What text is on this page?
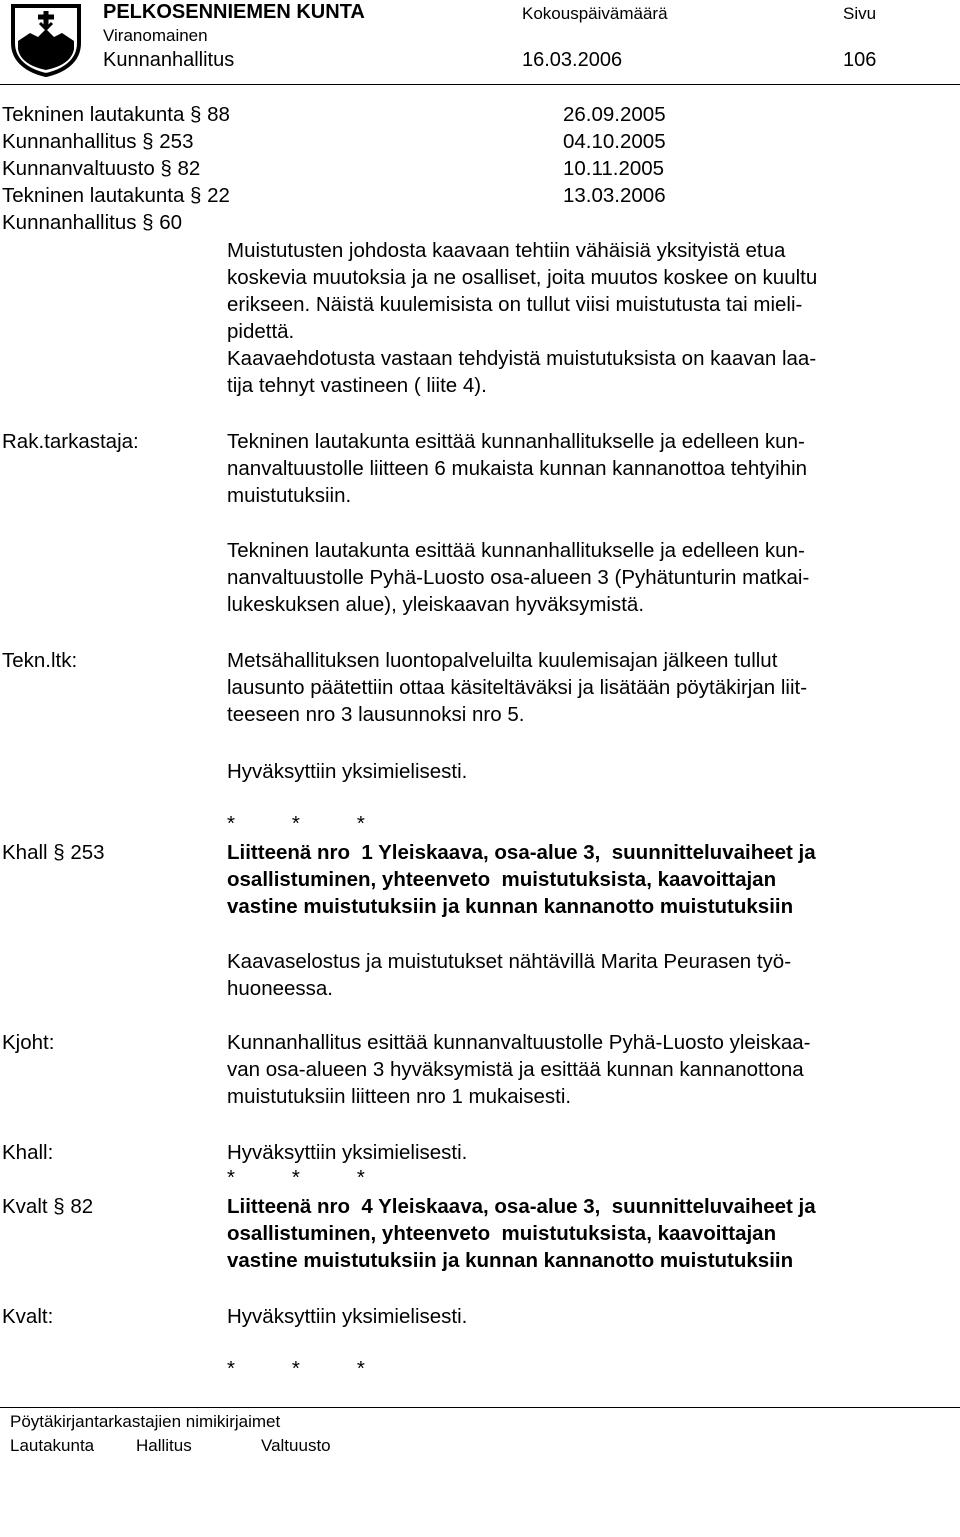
PELKOSENNIEMEN KUNTA	Kokouspäivämäärä	Sivu
Viranomainen
Kunnanhallitus	16.03.2006	106
Tekninen lautakunta § 88	26.09.2005
Kunnanhallitus § 253	04.10.2005
Kunnanvaltuusto § 82	10.11.2005
Tekninen lautakunta § 22	13.03.2006
Kunnanhallitus § 60
Muistutusten johdosta kaavaan tehtiin vähäisiä yksityistä etua
koskevia muutoksia ja ne osalliset, joita muutos koskee on kuultu
erikseen. Näistä kuulemisista on tullut viisi muistutusta tai mieli-
pidettä.
Kaavaehdotusta vastaan tehdyistä muistutuksista on kaavan laa-
tija tehnyt vastineen ( liite 4).
Rak.tarkastaja:	Tekninen lautakunta esittää kunnanhallitukselle ja edelleen kun-
nanvaltuustolle liitteen 6 mukaista kunnan kannanottoa tehtyihin
muistutuksiin.
Tekninen lautakunta esittää kunnanhallitukselle ja edelleen kun-
nanvaltuustolle Pyhä-Luosto osa-alueen 3 (Pyhätunturin matkai-
lukeskuksen alue), yleiskaavan hyväksymistä.
Tekn.ltk:	Metsähallituksen luontopalveluilta kuulemisajan jälkeen tullut
lausunto päätettiin ottaa käsiteltäväksi ja lisätään pöytäkirjan liit-
teeseen nro 3 lausunnoksi nro 5.
Hyväksyttiin yksimielisesti.
*          *          *
Khall § 253	Liitteenä nro  1 Yleiskaava, osa-alue 3,  suunnitteluvaiheet ja
osallistuminen, yhteenveto  muistutuksista, kaavoittajan
vastine muistutuksiin ja kunnan kannanotto muistutuksiin
Kaavaselostus ja muistutukset nähtävillä Marita Peurasen työ-
huoneessa.
Kjoht:	Kunnanhallitus esittää kunnanvaltuustolle Pyhä-Luosto yleiskaa-
van osa-alueen 3 hyväksymistä ja esittää kunnan kannanottona
muistutuksiin liitteen nro 1 mukaisesti.
Khall:	Hyväksyttiin yksimielisesti.
*          *          *
Kvalt § 82	Liitteenä nro  4 Yleiskaava, osa-alue 3,  suunnitteluvaiheet ja
osallistuminen, yhteenveto  muistutuksista, kaavoittajan
vastine muistutuksiin ja kunnan kannanotto muistutuksiin
Kvalt:	Hyväksyttiin yksimielisesti.
*          *          *
Pöytäkirjantarkastajien nimikirjaimet
Lautakunta Hallitus	Valtuusto
